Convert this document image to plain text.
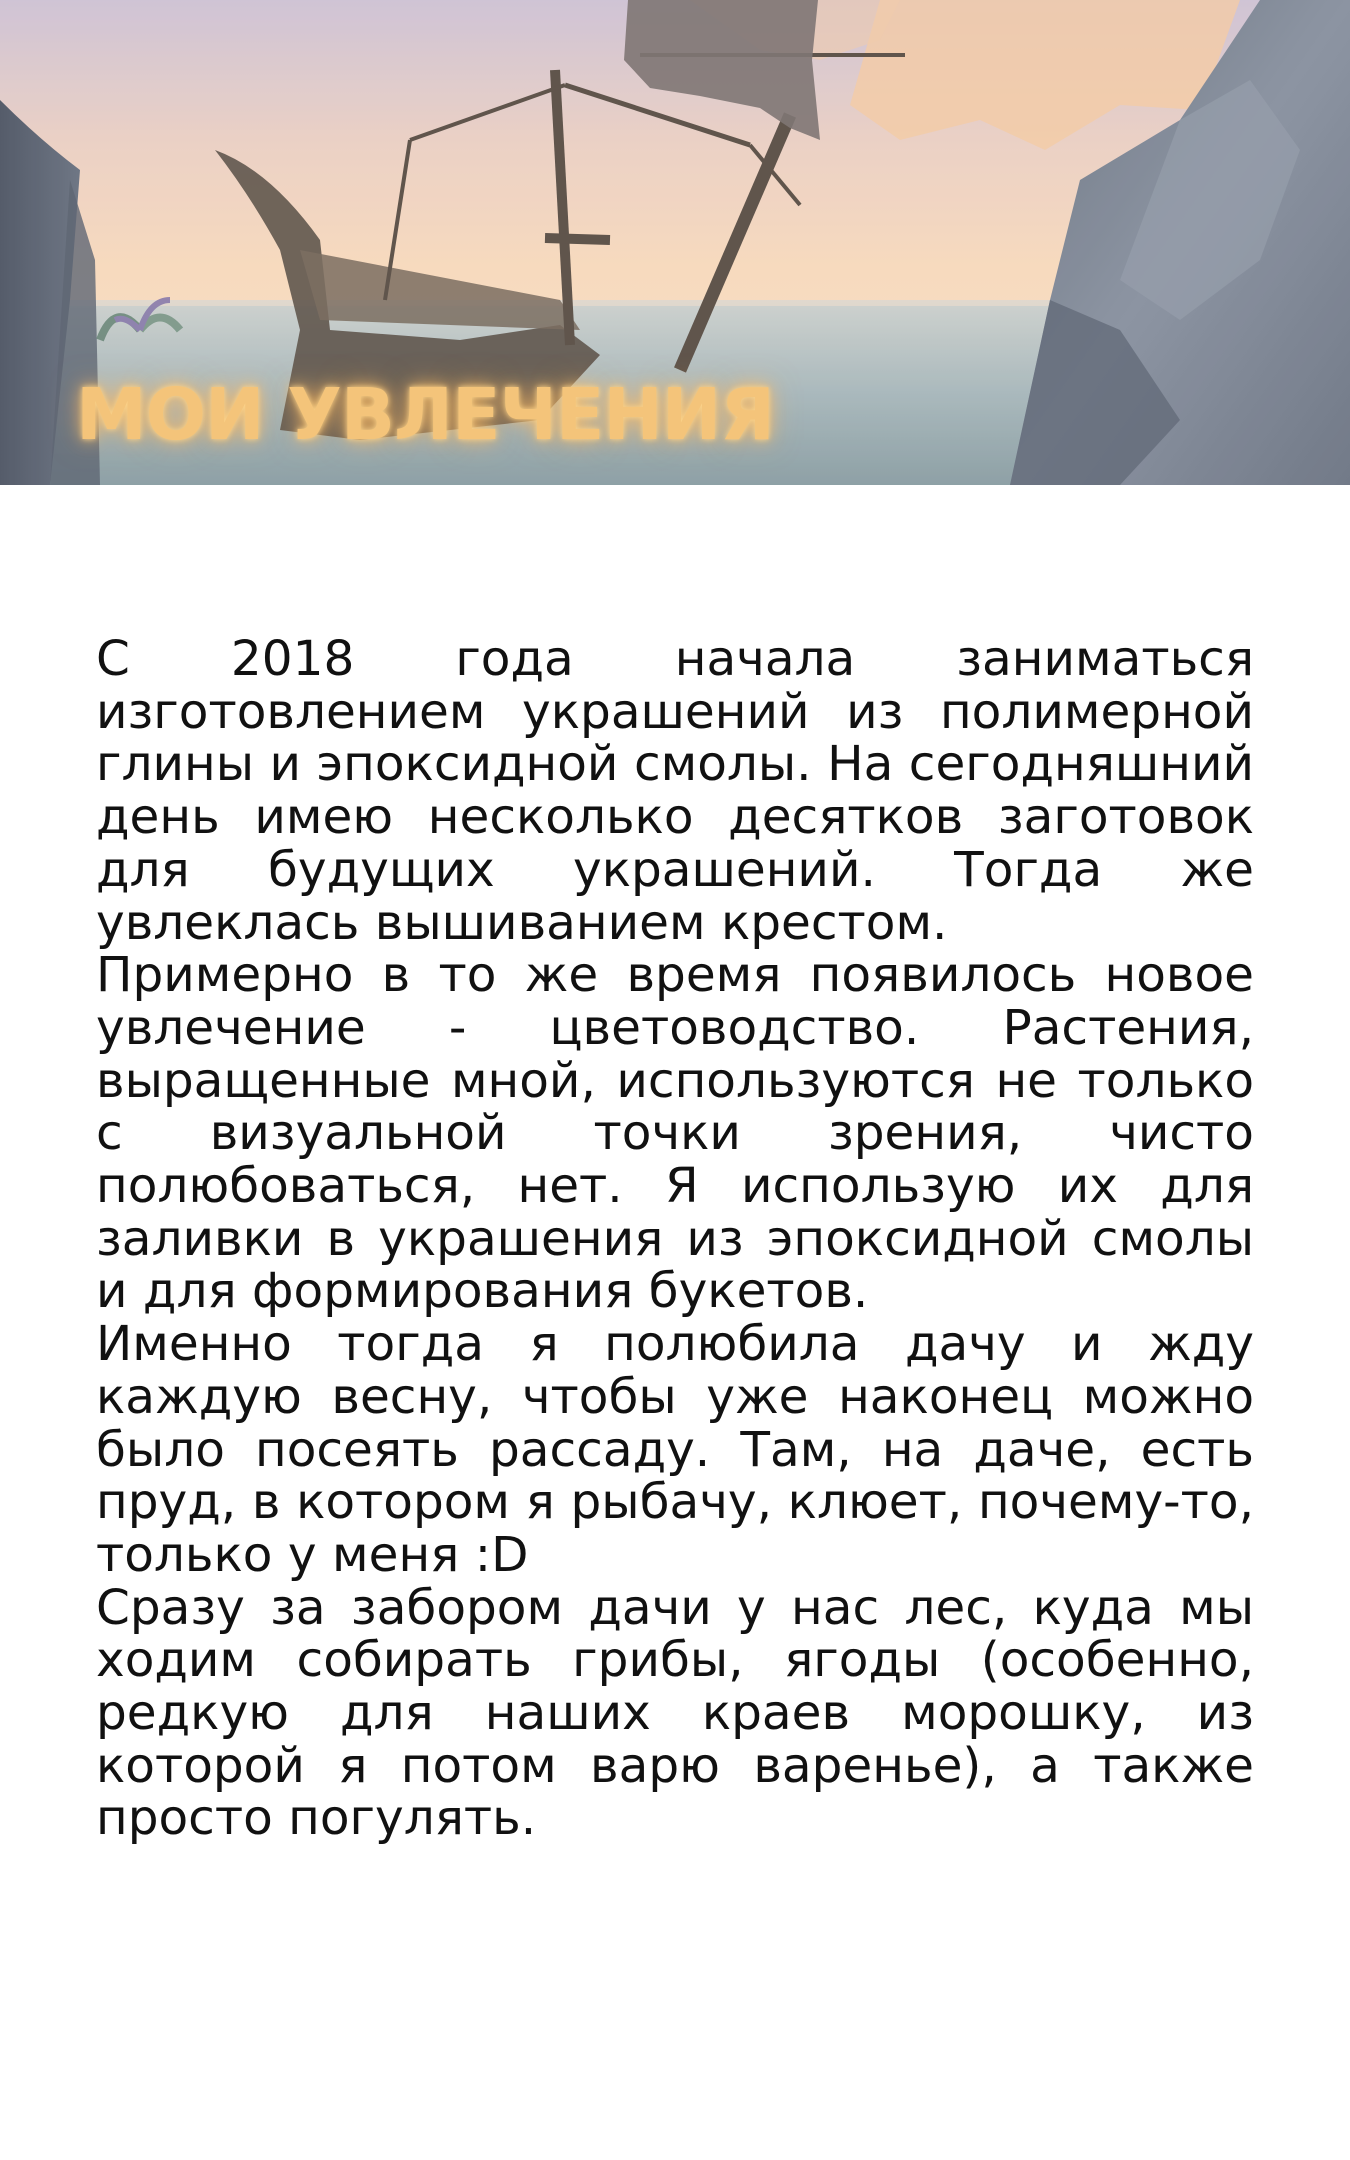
МОИ УВЛЕЧЕНИЯ

С 2018 года начала заниматься изготовлением украшений из полимерной глины и эпоксидной смолы. На сегодняшний день имею несколько десятков заготовок для будущих украшений. Тогда же увлеклась вышиванием крестом.

Примерно в то же время появилось новое увлечение - цветоводство. Растения, выращенные мной, используются не только с визуальной точки зрения, чисто полюбоваться, нет. Я использую их для заливки в украшения из эпоксидной смолы и для формирования букетов.

Именно тогда я полюбила дачу и жду каждую весну, чтобы уже наконец можно было посеять рассаду. Там, на даче, есть пруд, в котором я рыбачу, клюет, почему-то, только у меня :D

Сразу за забором дачи у нас лес, куда мы ходим собирать грибы, ягоды (особенно, редкую для наших краев морошку, из которой я потом варю варенье), а также просто погулять.
